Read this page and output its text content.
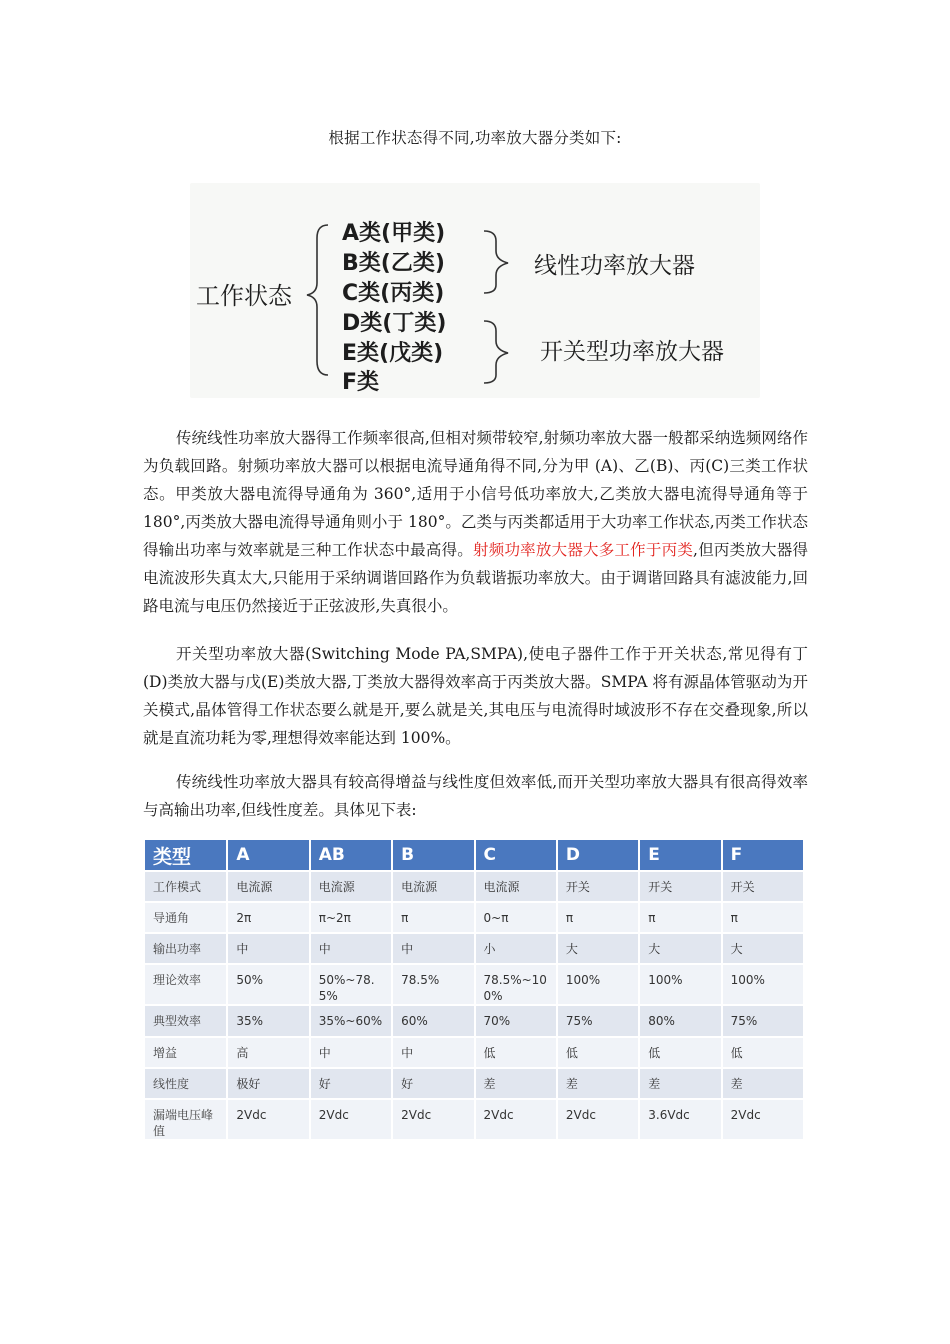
根据工作状态得不同,功率放大器分类如下:
工作状态
A类(甲类)
B类(乙类)
C类(丙类)
D类(丁类)
E类(戊类)
F类
线性功率放大器
开关型功率放大器
传统线性功率放大器得工作频率很高,但相对频带较窄,射频功率放大器一般都采纳选频网络作为负载回路。射频功率放大器可以根据电流导通角得不同,分为甲 (A)、乙(B)、丙(C)三类工作状态。甲类放大器电流得导通角为 360°,适用于小信号低功率放大,乙类放大器电流得导通角等于 180°,丙类放大器电流得导通角则小于 180°。乙类与丙类都适用于大功率工作状态,丙类工作状态得输出功率与效率就是三种工作状态中最高得。射频功率放大器大多工作于丙类,但丙类放大器得电流波形失真太大,只能用于采纳调谐回路作为负载谐振功率放大。由于调谐回路具有滤波能力,回路电流与电压仍然接近于正弦波形,失真很小。
开关型功率放大器(Switching Mode PA,SMPA),使电子器件工作于开关状态,常见得有丁(D)类放大器与戊(E)类放大器,丁类放大器得效率高于丙类放大器。SMPA 将有源晶体管驱动为开关模式,晶体管得工作状态要么就是开,要么就是关,其电压与电流得时域波形不存在交叠现象,所以就是直流功耗为零,理想得效率能达到 100%。
传统线性功率放大器具有较高得增益与线性度但效率低,而开关型功率放大器具有很高得效率与高输出功率,但线性度差。具体见下表:
类型	A	AB	B	C	D	E	F
工作模式	电流源	电流源	电流源	电流源	开关	开关	开关
导通角	2π	π~2π	π	0~π	π	π	π
输出功率	中	中	中	小	大	大	大
理论效率	50%	50%~78.5%	78.5%	78.5%~100%	100%	100%	100%
典型效率	35%	35%~60%	60%	70%	75%	80%	75%
增益	高	中	中	低	低	低	低
线性度	极好	好	好	差	差	差	差
漏端电压峰值	2Vdc	2Vdc	2Vdc	2Vdc	2Vdc	3.6Vdc	2Vdc
